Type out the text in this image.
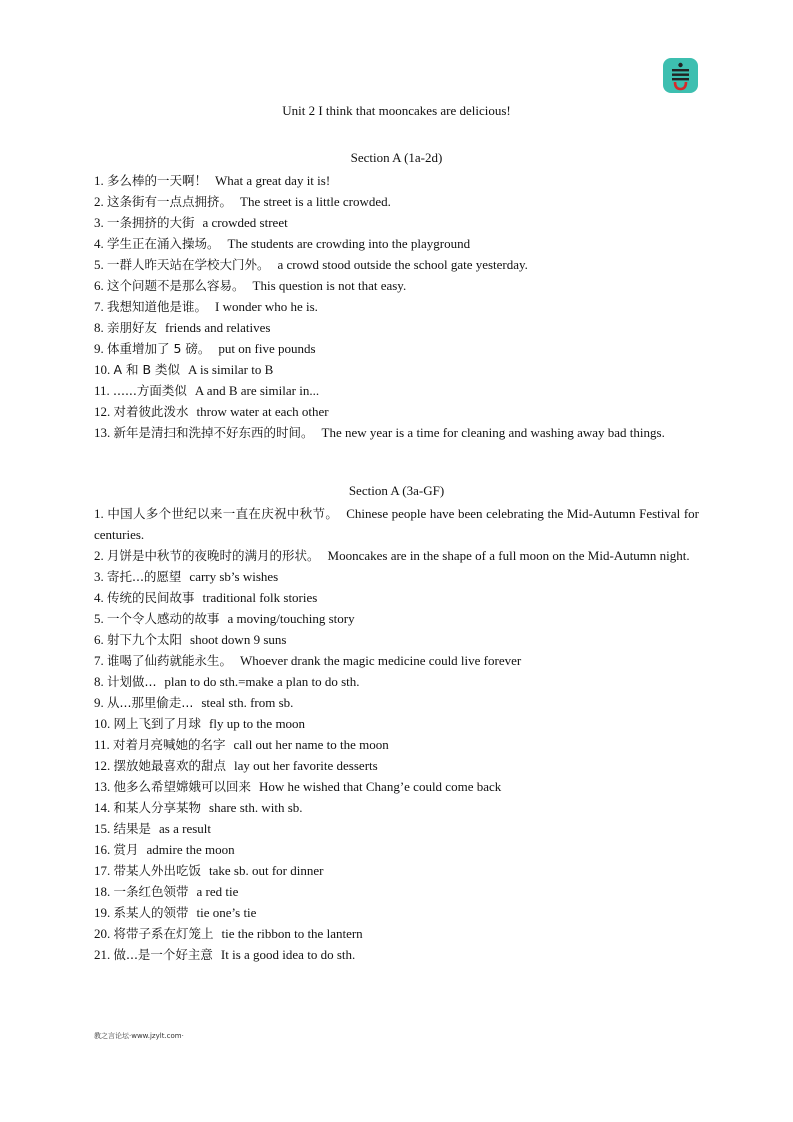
Unit 2 I think that mooncakes are delicious!
Section A (1a-2d)
1. 多么棒的一天啊！ What a great day it is!
2. 这条街有一点点拥挤。 The street is a little crowded.
3. 一条拥挤的大街 a crowded street
4. 学生正在涌入操场。 The students are crowding into the playground
5. 一群人昨天站在学校大门外。 a crowd stood outside the school gate yesterday.
6. 这个问题不是那么容易。 This question is not that easy.
7. 我想知道他是谁。 I wonder who he is.
8. 亲朋好友 friends and relatives
9. 体重增加了 5 磅。 put on five pounds
10. A 和 B 类似 A is similar to B
11. ......方面类似 A and B are similar in...
12. 对着彼此泼水 throw water at each other
13. 新年是清扫和洗掉不好东西的时间。 The new year is a time for cleaning and washing away bad things.
Section A (3a-GF)
1. 中国人多个世纪以来一直在庆祝中秋节。 Chinese people have been celebrating the Mid-Autumn Festival for centuries.
2. 月饼是中秋节的夜晚时的满月的形状。 Mooncakes are in the shape of a full moon on the Mid-Autumn night.
3. 寄托...的愿望 carry sb’s wishes
4. 传统的民间故事 traditional folk stories
5. 一个令人感动的故事 a moving/touching story
6. 射下九个太阳 shoot down 9 suns
7. 谁喝了仙药就能永生。 Whoever drank the magic medicine could live forever
8. 计划做... plan to do sth.=make a plan to do sth.
9. 从...那里偷走... steal sth. from sb.
10. 网上飞到了月球 fly up to the moon
11. 对着月亮喊她的名字 call out her name to the moon
12. 摆放她最喜欢的甜点 lay out her favorite desserts
13. 他多么希望嫦娥可以回来 How he wished that Chang’e could come back
14. 和某人分享某物 share sth. with sb.
15. 结果是 as a result
16. 赏月 admire the moon
17. 带某人外出吃饭 take sb. out for dinner
18. 一条红色领带 a red tie
19. 系某人的领带 tie one’s tie
20. 将带子系在灯笼上 tie the ribbon to the lantern
21. 做...是一个好主意 It is a good idea to do sth.
教之言论坛·www.jzylt.com·
